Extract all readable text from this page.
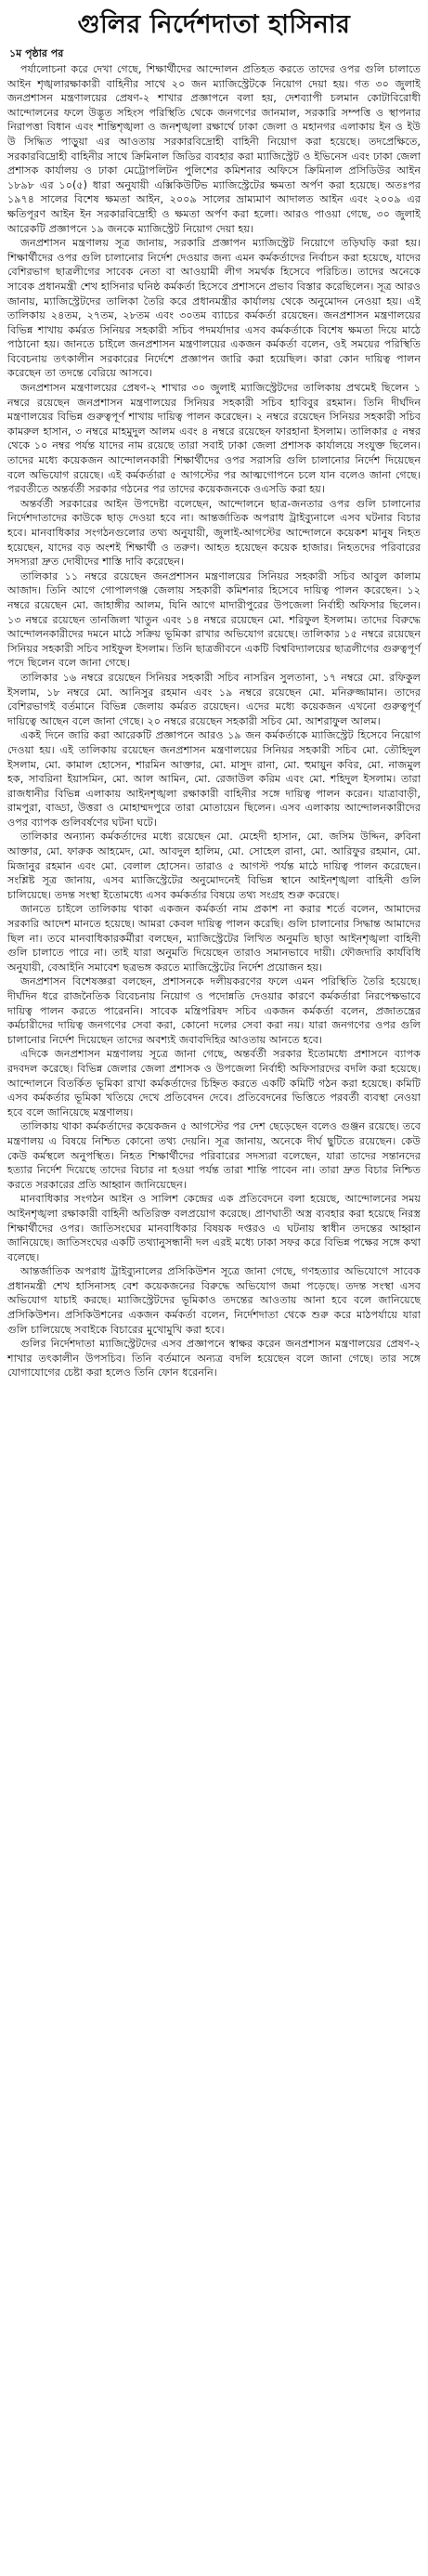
গুলির নির্দেশদাতা হাসিনার
১ম পৃষ্ঠার পর

পর্যালোচনা করে দেখা গেছে, শিক্ষার্থীদের আন্দোলন প্রতিহত করতে তাদের ওপর গুলি চালাতে আইন শৃঙ্খলারক্ষাকারী বাহিনীর সাথে ২০ জন ম্যাজিস্ট্রেটকে নিয়োগ দেয়া হয়। গত ৩০ জুলাই জনপ্রশাসন মন্ত্রণালয়ের প্রেষণ-২ শাখার প্রজ্ঞাপনে বলা হয়, দেশব্যাপী চলমান কোটাবিরোধী আন্দোলনের ফলে উদ্ভূত সহিংস পরিস্থিতি থেকে জনগণের জানমাল, সরকারি সম্পত্তি ও স্থাপনার নিরাপত্তা বিধান এবং শান্তিশৃঙ্খলা ও জনশৃঙ্খলা রক্ষার্থে ঢাকা জেলা ও মহানগর এলাকায় ইন ও ইউ উ সিদ্ধিত পাড়ুয়া এর আওতায় সরকারবিদ্রোহী বাহিনী নিয়োগ করা হয়েছে। তদপ্রেক্ষিতে, সরকারবিদ্রোহী বাহিনীর সাথে ক্রিমিনাল জিডির ব্যবহার করা ম্যাজিস্ট্রেট ও ইভিনেস এবং ঢাকা জেলা প্রশাসক কার্যালয় ও ঢাকা মেট্রোপলিটন পুলিশের কমিশনার অফিসে ক্রিমিনাল প্রসিডিউর আইন ১৮৯৮ এর ১০(৫) ধারা অনুযায়ী এক্সিকিউটিভ ম্যাজিস্ট্রেটের ক্ষমতা অর্পণ করা হয়েছে। অতঃপর ১৯৭৪ সালের বিশেষ ক্ষমতা আইন, ২০০৯ সালের ভ্রাম্যমাণ আদালত আইন এবং ২০০৯ এর ক্ষতিপূরণ আইন ইন সরকারবিদ্রোহী ও ক্ষমতা অর্পণ করা হলো। আরও পাওয়া গেছে, ৩০ জুলাই আরেকটি প্রজ্ঞাপনে ১৯ জনকে ম্যাজিস্ট্রেট নিয়োগ দেয়া হয়।

জনপ্রশাসন মন্ত্রণালয় সূত্র জানায়, সরকারি প্রজ্ঞাপন ম্যাজিস্ট্রেট নিয়োগে তড়িঘড়ি করা হয়। শিক্ষার্থীদের ওপর গুলি চালানোর নির্দেশ দেওয়ার জন্য এমন কর্মকর্তাদের নির্বাচন করা হয়েছে, যাদের বেশিরভাগ ছাত্রলীগের সাবেক নেতা বা আওয়ামী লীগ সমর্থক হিসেবে পরিচিত। তাদের অনেকে সাবেক প্রধানমন্ত্রী শেখ হাসিনার ঘনিষ্ঠ কর্মকর্তা হিসেবে প্রশাসনে প্রভাব বিস্তার করেছিলেন। সূত্র আরও জানায়, ম্যাজিস্ট্রেটদের তালিকা তৈরি করে প্রধানমন্ত্রীর কার্যালয় থেকে অনুমোদন নেওয়া হয়। এই তালিকায় ২৪তম, ২৭তম, ২৮তম এবং ৩০তম ব্যাচের কর্মকর্তা রয়েছেন। জনপ্রশাসন মন্ত্রণালয়ের বিভিন্ন শাখায় কর্মরত সিনিয়র সহকারী সচিব পদমর্যাদার এসব কর্মকর্তাকে বিশেষ ক্ষমতা দিয়ে মাঠে পাঠানো হয়। জানতে চাইলে জনপ্রশাসন মন্ত্রণালয়ের একজন কর্মকর্তা বলেন, ওই সময়ের পরিস্থিতি বিবেচনায় তৎকালীন সরকারের নির্দেশে প্রজ্ঞাপন জারি করা হয়েছিল। কারা কোন দায়িত্ব পালন করেছেন তা তদন্তে বেরিয়ে আসবে।

জনপ্রশাসন মন্ত্রণালয়ের প্রেষণ-২ শাখার ৩০ জুলাই ম্যাজিস্ট্রেটদের তালিকায় প্রথমেই ছিলেন ১ নম্বরে রয়েছেন জনপ্রশাসন মন্ত্রণালয়ের সিনিয়র সহকারী সচিব হাবিবুর রহমান। তিনি দীর্ঘদিন মন্ত্রণালয়ের বিভিন্ন গুরুত্বপূর্ণ শাখায় দায়িত্ব পালন করেছেন। ২ নম্বরে রয়েছেন সিনিয়র সহকারী সচিব কামরুল হাসান, ৩ নম্বরে মাহমুদুল আলম এবং ৪ নম্বরে রয়েছেন ফারহানা ইসলাম। তালিকার ৫ নম্বর থেকে ১০ নম্বর পর্যন্ত যাদের নাম রয়েছে তারা সবাই ঢাকা জেলা প্রশাসক কার্যালয়ে সংযুক্ত ছিলেন। তাদের মধ্যে কয়েকজন আন্দোলনকারী শিক্ষার্থীদের ওপর সরাসরি গুলি চালানোর নির্দেশ দিয়েছেন বলে অভিযোগ রয়েছে। এই কর্মকর্তারা ৫ আগস্টের পর আত্মগোপনে চলে যান বলেও জানা গেছে। পরবর্তীতে অন্তর্বর্তী সরকার গঠনের পর তাদের কয়েকজনকে ওএসডি করা হয়।

অন্তর্বর্তী সরকারের আইন উপদেষ্টা বলেছেন, আন্দোলনে ছাত্র-জনতার ওপর গুলি চালানোর নির্দেশদাতাদের কাউকে ছাড় দেওয়া হবে না। আন্তর্জাতিক অপরাধ ট্রাইব্যুনালে এসব ঘটনার বিচার হবে। মানবাধিকার সংগঠনগুলোর তথ্য অনুযায়ী, জুলাই-আগস্টের আন্দোলনে কয়েকশ মানুষ নিহত হয়েছেন, যাদের বড় অংশই শিক্ষার্থী ও তরুণ। আহত হয়েছেন কয়েক হাজার। নিহতদের পরিবারের সদস্যরা দ্রুত দোষীদের শাস্তি দাবি করেছেন।

তালিকার ১১ নম্বরে রয়েছেন জনপ্রশাসন মন্ত্রণালয়ের সিনিয়র সহকারী সচিব আবুল কালাম আজাদ। তিনি আগে গোপালগঞ্জ জেলায় সহকারী কমিশনার হিসেবে দায়িত্ব পালন করেছেন। ১২ নম্বরে রয়েছেন মো. জাহাঙ্গীর আলম, যিনি আগে মাদারীপুরের উপজেলা নির্বাহী অফিসার ছিলেন। ১৩ নম্বরে রয়েছেন তানজিলা খাতুন এবং ১৪ নম্বরে রয়েছেন মো. শরিফুল ইসলাম। তাদের বিরুদ্ধে আন্দোলনকারীদের দমনে মাঠে সক্রিয় ভূমিকা রাখার অভিযোগ রয়েছে। তালিকার ১৫ নম্বরে রয়েছেন সিনিয়র সহকারী সচিব সাইফুল ইসলাম। তিনি ছাত্রজীবনে একটি বিশ্ববিদ্যালয়ের ছাত্রলীগের গুরুত্বপূর্ণ পদে ছিলেন বলে জানা গেছে।

তালিকার ১৬ নম্বরে রয়েছেন সিনিয়র সহকারী সচিব নাসরিন সুলতানা, ১৭ নম্বরে মো. রফিকুল ইসলাম, ১৮ নম্বরে মো. আনিসুর রহমান এবং ১৯ নম্বরে রয়েছেন মো. মনিরুজ্জামান। তাদের বেশিরভাগই বর্তমানে বিভিন্ন জেলায় কর্মরত রয়েছেন। এদের মধ্যে কয়েকজন এখনো গুরুত্বপূর্ণ দায়িত্বে আছেন বলে জানা গেছে। ২০ নম্বরে রয়েছেন সহকারী সচিব মো. আশরাফুল আলম।

একই দিনে জারি করা আরেকটি প্রজ্ঞাপনে আরও ১৯ জন কর্মকর্তাকে ম্যাজিস্ট্রেট হিসেবে নিয়োগ দেওয়া হয়। এই তালিকায় রয়েছেন জনপ্রশাসন মন্ত্রণালয়ের সিনিয়র সহকারী সচিব মো. তৌহিদুল ইসলাম, মো. কামাল হোসেন, শারমিন আক্তার, মো. মাসুদ রানা, মো. হুমায়ুন কবির, মো. নাজমুল হক, সাবরিনা ইয়াসমিন, মো. আল আমিন, মো. রেজাউল করিম এবং মো. শহিদুল ইসলাম। তারা রাজধানীর বিভিন্ন এলাকায় আইনশৃঙ্খলা রক্ষাকারী বাহিনীর সঙ্গে দায়িত্ব পালন করেন। যাত্রাবাড়ী, রামপুরা, বাড্ডা, উত্তরা ও মোহাম্মদপুরে তারা মোতায়েন ছিলেন। এসব এলাকায় আন্দোলনকারীদের ওপর ব্যাপক গুলিবর্ষণের ঘটনা ঘটে।

তালিকার অন্যান্য কর্মকর্তাদের মধ্যে রয়েছেন মো. মেহেদী হাসান, মো. জসিম উদ্দিন, রুবিনা আক্তার, মো. ফারুক আহমেদ, মো. আবদুল হালিম, মো. সোহেল রানা, মো. আরিফুর রহমান, মো. মিজানুর রহমান এবং মো. বেলাল হোসেন। তারাও ৫ আগস্ট পর্যন্ত মাঠে দায়িত্ব পালন করেছেন। সংশ্লিষ্ট সূত্র জানায়, এসব ম্যাজিস্ট্রেটের অনুমোদনেই বিভিন্ন স্থানে আইনশৃঙ্খলা বাহিনী গুলি চালিয়েছে। তদন্ত সংস্থা ইতোমধ্যে এসব কর্মকর্তার বিষয়ে তথ্য সংগ্রহ শুরু করেছে।

জানতে চাইলে তালিকায় থাকা একজন কর্মকর্তা নাম প্রকাশ না করার শর্তে বলেন, আমাদের সরকারি আদেশ মানতে হয়েছে। আমরা কেবল দায়িত্ব পালন করেছি। গুলি চালানোর সিদ্ধান্ত আমাদের ছিল না। তবে মানবাধিকারকর্মীরা বলছেন, ম্যাজিস্ট্রেটের লিখিত অনুমতি ছাড়া আইনশৃঙ্খলা বাহিনী গুলি চালাতে পারে না। তাই যারা অনুমতি দিয়েছেন তারাও সমানভাবে দায়ী। ফৌজদারি কার্যবিধি অনুযায়ী, বেআইনি সমাবেশ ছত্রভঙ্গ করতে ম্যাজিস্ট্রেটের নির্দেশ প্রয়োজন হয়।

জনপ্রশাসন বিশেষজ্ঞরা বলছেন, প্রশাসনকে দলীয়করণের ফলে এমন পরিস্থিতি তৈরি হয়েছে। দীর্ঘদিন ধরে রাজনৈতিক বিবেচনায় নিয়োগ ও পদোন্নতি দেওয়ার কারণে কর্মকর্তারা নিরপেক্ষভাবে দায়িত্ব পালন করতে পারেননি। সাবেক মন্ত্রিপরিষদ সচিব একজন কর্মকর্তা বলেন, প্রজাতন্ত্রের কর্মচারীদের দায়িত্ব জনগণের সেবা করা, কোনো দলের সেবা করা নয়। যারা জনগণের ওপর গুলি চালানোর নির্দেশ দিয়েছেন তাদের অবশ্যই জবাবদিহির আওতায় আনতে হবে।

এদিকে জনপ্রশাসন মন্ত্রণালয় সূত্রে জানা গেছে, অন্তর্বর্তী সরকার ইতোমধ্যে প্রশাসনে ব্যাপক রদবদল করেছে। বিভিন্ন জেলার জেলা প্রশাসক ও উপজেলা নির্বাহী অফিসারদের বদলি করা হয়েছে। আন্দোলনে বিতর্কিত ভূমিকা রাখা কর্মকর্তাদের চিহ্নিত করতে একটি কমিটি গঠন করা হয়েছে। কমিটি এসব কর্মকর্তার ভূমিকা খতিয়ে দেখে প্রতিবেদন দেবে। প্রতিবেদনের ভিত্তিতে পরবর্তী ব্যবস্থা নেওয়া হবে বলে জানিয়েছে মন্ত্রণালয়।

তালিকায় থাকা কর্মকর্তাদের কয়েকজন ৫ আগস্টের পর দেশ ছেড়েছেন বলেও গুঞ্জন রয়েছে। তবে মন্ত্রণালয় এ বিষয়ে নিশ্চিত কোনো তথ্য দেয়নি। সূত্র জানায়, অনেকে দীর্ঘ ছুটিতে রয়েছেন। কেউ কেউ কর্মস্থলে অনুপস্থিত। নিহত শিক্ষার্থীদের পরিবারের সদস্যরা বলেছেন, যারা তাদের সন্তানদের হত্যার নির্দেশ দিয়েছে তাদের বিচার না হওয়া পর্যন্ত তারা শান্তি পাবেন না। তারা দ্রুত বিচার নিশ্চিত করতে সরকারের প্রতি আহ্বান জানিয়েছেন।

মানবাধিকার সংগঠন আইন ও সালিশ কেন্দ্রের এক প্রতিবেদনে বলা হয়েছে, আন্দোলনের সময় আইনশৃঙ্খলা রক্ষাকারী বাহিনী অতিরিক্ত বলপ্রয়োগ করেছে। প্রাণঘাতী অস্ত্র ব্যবহার করা হয়েছে নিরস্ত্র শিক্ষার্থীদের ওপর। জাতিসংঘের মানবাধিকার বিষয়ক দপ্তরও এ ঘটনায় স্বাধীন তদন্তের আহ্বান জানিয়েছে। জাতিসংঘের একটি তথ্যানুসন্ধানী দল এরই মধ্যে ঢাকা সফর করে বিভিন্ন পক্ষের সঙ্গে কথা বলেছে।

আন্তর্জাতিক অপরাধ ট্রাইব্যুনালের প্রসিকিউশন সূত্রে জানা গেছে, গণহত্যার অভিযোগে সাবেক প্রধানমন্ত্রী শেখ হাসিনাসহ বেশ কয়েকজনের বিরুদ্ধে অভিযোগ জমা পড়েছে। তদন্ত সংস্থা এসব অভিযোগ যাচাই করছে। ম্যাজিস্ট্রেটদের ভূমিকাও তদন্তের আওতায় আনা হবে বলে জানিয়েছে প্রসিকিউশন। প্রসিকিউশনের একজন কর্মকর্তা বলেন, নির্দেশদাতা থেকে শুরু করে মাঠপর্যায়ে যারা গুলি চালিয়েছে সবাইকে বিচারের মুখোমুখি করা হবে।

গুলির নির্দেশদাতা ম্যাজিস্ট্রেটদের এসব প্রজ্ঞাপনে স্বাক্ষর করেন জনপ্রশাসন মন্ত্রণালয়ের প্রেষণ-২ শাখার তৎকালীন উপসচিব। তিনি বর্তমানে অন্যত্র বদলি হয়েছেন বলে জানা গেছে। তার সঙ্গে যোগাযোগের চেষ্টা করা হলেও তিনি ফোন ধরেননি।
